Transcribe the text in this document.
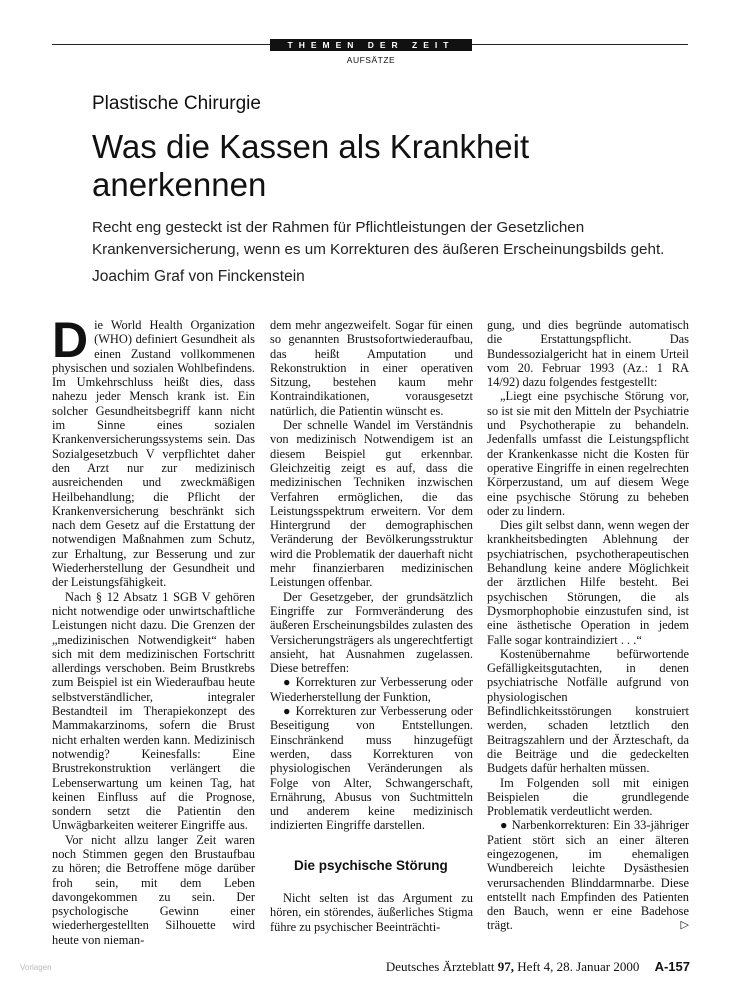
THEMEN DER ZEIT
AUFSÄTZE
Plastische Chirurgie
Was die Kassen als Krankheit anerkennen
Recht eng gesteckt ist der Rahmen für Pflichtleistungen der Gesetzlichen Krankenversicherung, wenn es um Korrekturen des äußeren Erscheinungsbilds geht.
Joachim Graf von Finckenstein

Die World Health Organization (WHO) definiert Gesundheit als einen Zustand vollkommenen physischen und sozialen Wohlbefindens. Im Umkehrschluss heißt dies, dass nahezu jeder Mensch krank ist. Ein solcher Gesundheitsbegriff kann nicht im Sinne eines sozialen Krankenversicherungssystems sein. Das Sozialgesetzbuch V verpflichtet daher den Arzt nur zur medizinisch ausreichenden und zweckmäßigen Heilbehandlung; die Pflicht der Krankenversicherung beschränkt sich nach dem Gesetz auf die Erstattung der notwendigen Maßnahmen zum Schutz, zur Erhaltung, zur Besserung und zur Wiederherstellung der Gesundheit und der Leistungsfähigkeit.

Nach § 12 Absatz 1 SGB V gehören nicht notwendige oder unwirtschaftliche Leistungen nicht dazu. Die Grenzen der „medizinischen Notwendigkeit“ haben sich mit dem medizinischen Fortschritt allerdings verschoben. Beim Brustkrebs zum Beispiel ist ein Wiederaufbau heute selbstverständlicher, integraler Bestandteil im Therapiekonzept des Mammakarzinoms, sofern die Brust nicht erhalten werden kann. Medizinisch notwendig? Keinesfalls: Eine Brustrekonstruktion verlängert die Lebenserwartung um keinen Tag, hat keinen Einfluss auf die Prognose, sondern setzt die Patientin den Unwägbarkeiten weiterer Eingriffe aus.

Vor nicht allzu langer Zeit waren noch Stimmen gegen den Brustaufbau zu hören; die Betroffene möge darüber froh sein, mit dem Leben davongekommen zu sein. Der psychologische Gewinn einer wiederhergestellten Silhouette wird heute von nieman-

dem mehr angezweifelt. Sogar für einen so genannten Brustsofortwiederaufbau, das heißt Amputation und Rekonstruktion in einer operativen Sitzung, bestehen kaum mehr Kontraindikationen, vorausgesetzt natürlich, die Patientin wünscht es.

Der schnelle Wandel im Verständnis von medizinisch Notwendigem ist an diesem Beispiel gut erkennbar. Gleichzeitig zeigt es auf, dass die medizinischen Techniken inzwischen Verfahren ermöglichen, die das Leistungsspektrum erweitern. Vor dem Hintergrund der demographischen Veränderung der Bevölkerungsstruktur wird die Problematik der dauerhaft nicht mehr finanzierbaren medizinischen Leistungen offenbar.

Der Gesetzgeber, der grundsätzlich Eingriffe zur Formveränderung des äußeren Erscheinungsbildes zulasten des Versicherungsträgers als ungerechtfertigt ansieht, hat Ausnahmen zugelassen. Diese betreffen:

● Korrekturen zur Verbesserung oder Wiederherstellung der Funktion,

● Korrekturen zur Verbesserung oder Beseitigung von Entstellungen. Einschränkend muss hinzugefügt werden, dass Korrekturen von physiologischen Veränderungen als Folge von Alter, Schwangerschaft, Ernährung, Abusus von Suchtmitteln und anderem keine medizinisch indizierten Eingriffe darstellen.

Die psychische Störung

Nicht selten ist das Argument zu hören, ein störendes, äußerliches Stigma führe zu psychischer Beeinträchti-

gung, und dies begründe automatisch die Erstattungspflicht. Das Bundessozialgericht hat in einem Urteil vom 20. Februar 1993 (Az.: 1 RA 14/92) dazu folgendes festgestellt:

„Liegt eine psychische Störung vor, so ist sie mit den Mitteln der Psychiatrie und Psychotherapie zu behandeln. Jedenfalls umfasst die Leistungspflicht der Krankenkasse nicht die Kosten für operative Eingriffe in einen regelrechten Körperzustand, um auf diesem Wege eine psychische Störung zu beheben oder zu lindern.

Dies gilt selbst dann, wenn wegen der krankheitsbedingten Ablehnung der psychiatrischen, psychotherapeutischen Behandlung keine andere Möglichkeit der ärztlichen Hilfe besteht. Bei psychischen Störungen, die als Dysmorphophobie einzustufen sind, ist eine ästhetische Operation in jedem Falle sogar kontraindiziert . . .“

Kostenübernahme befürwortende Gefälligkeitsgutachten, in denen psychiatrische Notfälle aufgrund von physiologischen Befindlichkeitsstörungen konstruiert werden, schaden letztlich den Beitragszahlern und der Ärzteschaft, da die Beiträge und die gedeckelten Budgets dafür herhalten müssen.

Im Folgenden soll mit einigen Beispielen die grundlegende Problematik verdeutlicht werden.

● Narbenkorrekturen: Ein 33-jähriger Patient stört sich an einer älteren eingezogenen, im ehemaligen Wundbereich leichte Dysästhesien verursachenden Blinddarmnarbe. Diese entstellt nach Empfinden des Patienten den Bauch, wenn er eine Badehose trägt.	▷

Vorlagen	Deutsches Ärzteblatt 97, Heft 4, 28. Januar 2000 A-157
